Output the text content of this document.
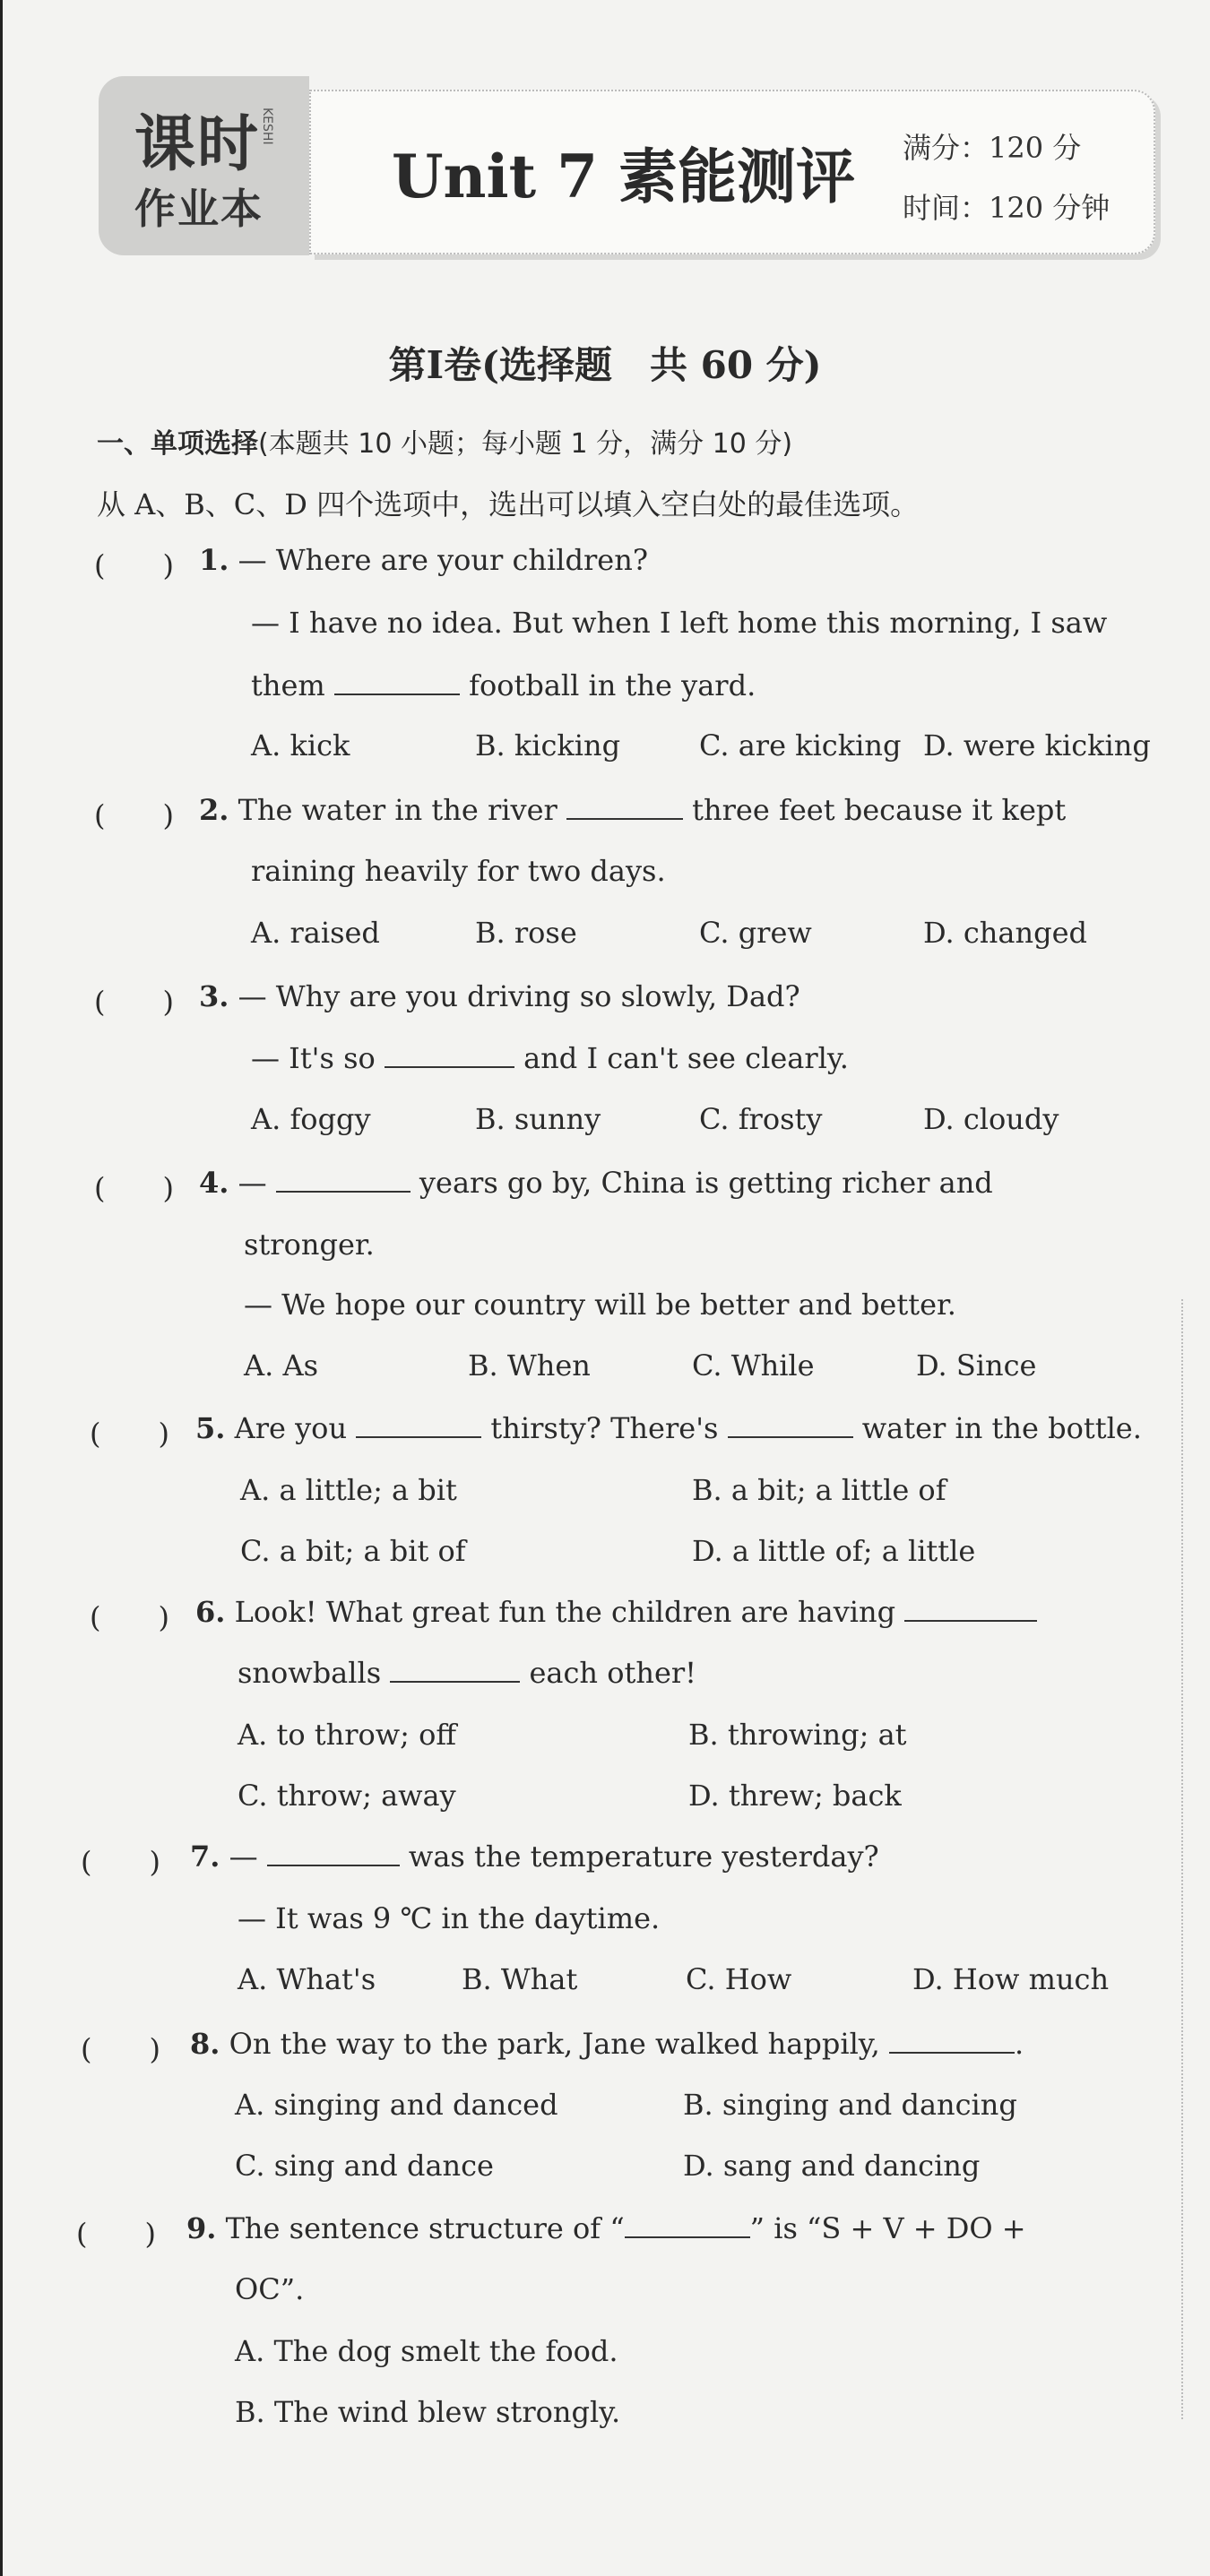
课时
作业本
KESHI
Unit 7 素能测评 满分：120 分
时间：120 分钟
第Ⅰ卷(选择题　共 60 分)
一、单项选择(本题共 10 小题；每小题 1 分，满分 10 分)
从 A、B、C、D 四个选项中，选出可以填入空白处的最佳选项。
(　　) 1. — Where are your children?
— I have no idea. But when I left home this morning, I saw
them	football in the yard.
A. kick	B. kicking	C. are kicking D. were kicking
(　　) 2. The water in the river	three feet because it kept
raining heavily for two days.
A. raised	B. rose	C. grew	D. changed
(　　) 3. — Why are you driving so slowly, Dad?
— It's so	and I can't see clearly.
A. foggy	B. sunny	C. frosty	D. cloudy
(　　) 4. —	years go by, China is getting richer and
stronger.
— We hope our country will be better and better.
A. As	B. When	C. While	D. Since
(　　) 5. Are you	thirsty? There's	water in the bottle.
A. a little; a bit	B. a bit; a little of
C. a bit; a bit of	D. a little of; a little
(　　) 6. Look! What great fun the children are having
snowballs	each other!
A. to throw; off	B. throwing; at
C. throw; away	D. threw; back
(　　) 7. —	was the temperature yesterday?
— It was 9 ℃ in the daytime.
A. What's	B. What	C. How	D. How much
(　　) 8. On the way to the park, Jane walked happily,	.
A. singing and danced	B. singing and dancing
C. sing and dance	D. sang and dancing
(　　) 9. The sentence structure of “	” is “S + V + DO +
OC”.
A. The dog smelt the food.
B. The wind blew strongly.
